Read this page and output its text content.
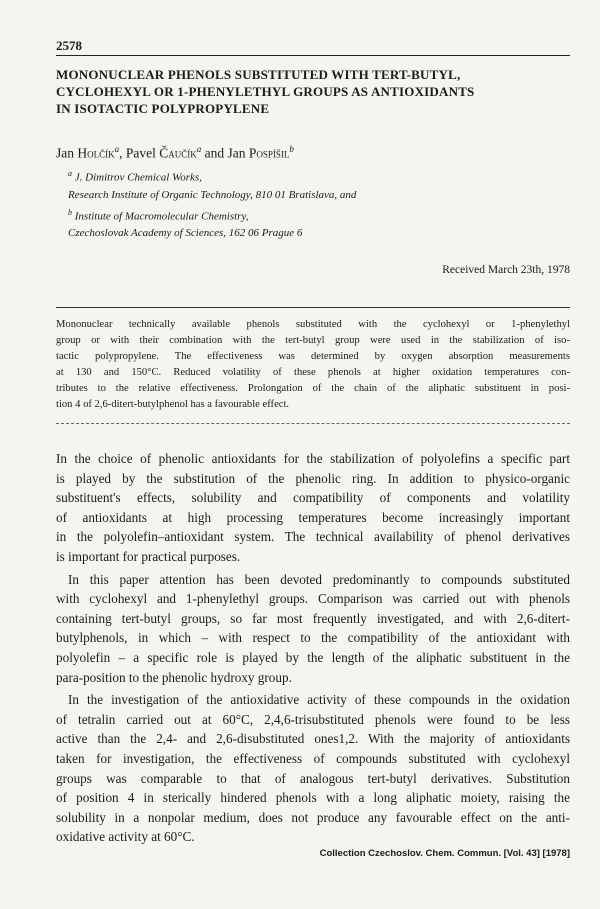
2578
MONONUCLEAR PHENOLS SUBSTITUTED WITH TERT-BUTYL,
CYCLOHEXYL OR 1-PHENYLETHYL GROUPS AS ANTIOXIDANTS
IN ISOTACTIC POLYPROPYLENE
Jan Holčík$^a$, Pavel Čaučík$^a$ and Jan Pospíšil$^b$
$^a$ J. Dimitrov Chemical Works,
Research Institute of Organic Technology, 810 01 Bratislava, and
$^b$ Institute of Macromolecular Chemistry,
Czechoslovak Academy of Sciences, 162 06 Prague 6
Received March 23th, 1978
Mononuclear technically available phenols substituted with the cyclohexyl or 1-phenylethyl
group or with their combination with the tert-butyl group were used in the stabilization of iso-
tactic polypropylene. The effectiveness was determined by oxygen absorption measurements
at 130 and 150°C. Reduced volatility of these phenols at higher oxidation temperatures con-
tributes to the relative effectiveness. Prolongation of the chain of the aliphatic substituent in posi-
tion 4 of 2,6-ditert-butylphenol has a favourable effect.

In the choice of phenolic antioxidants for the stabilization of polyolefins a specific part
is played by the substitution of the phenolic ring. In addition to physico-organic
substituent's effects, solubility and compatibility of components and volatility
of antioxidants at high processing temperatures become increasingly important
in the polyolefin–antioxidant system. The technical availability of phenol derivatives
is important for practical purposes.

In this paper attention has been devoted predominantly to compounds substituted
with cyclohexyl and 1-phenylethyl groups. Comparison was carried out with phenols
containing tert-butyl groups, so far most frequently investigated, and with 2,6-ditert-
butylphenols, in which – with respect to the compatibility of the antioxidant with
polyolefin – a specific role is played by the length of the aliphatic substituent in the
para-position to the phenolic hydroxy group.

In the investigation of the antioxidative activity of these compounds in the oxidation
of tetralin carried out at 60°C, 2,4,6-trisubstituted phenols were found to be less
active than the 2,4- and 2,6-disubstituted ones1,2. With the majority of antioxidants
taken for investigation, the effectiveness of compounds substituted with cyclohexyl
groups was comparable to that of analogous tert-butyl derivatives. Substitution
of position 4 in sterically hindered phenols with a long aliphatic moiety, raising the
solubility in a nonpolar medium, does not produce any favourable effect on the anti-
oxidative activity at 60°C.

Collection Czechoslov. Chem. Commun. [Vol. 43] [1978]
